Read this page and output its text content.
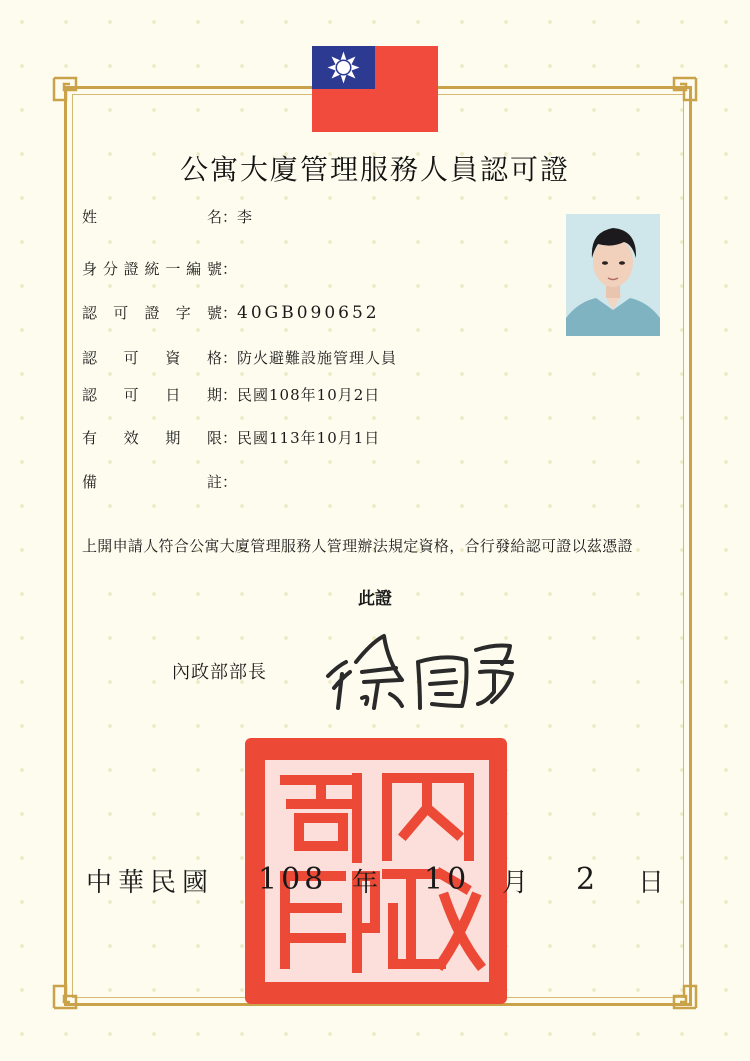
公寓大廈管理服務人員認可證
姓名：李
身分證統一編號：
認可證字號：40GB090652
認可資格：防火避難設施管理人員
認可日期：民國108年10月2日
有效期限：民國113年10月1日
備註：
上開申請人符合公寓大廈管理服務人管理辦法規定資格，合行發給認可證以茲憑證
此證
內政部部長
中華民國 108 年 10 月 2 日
